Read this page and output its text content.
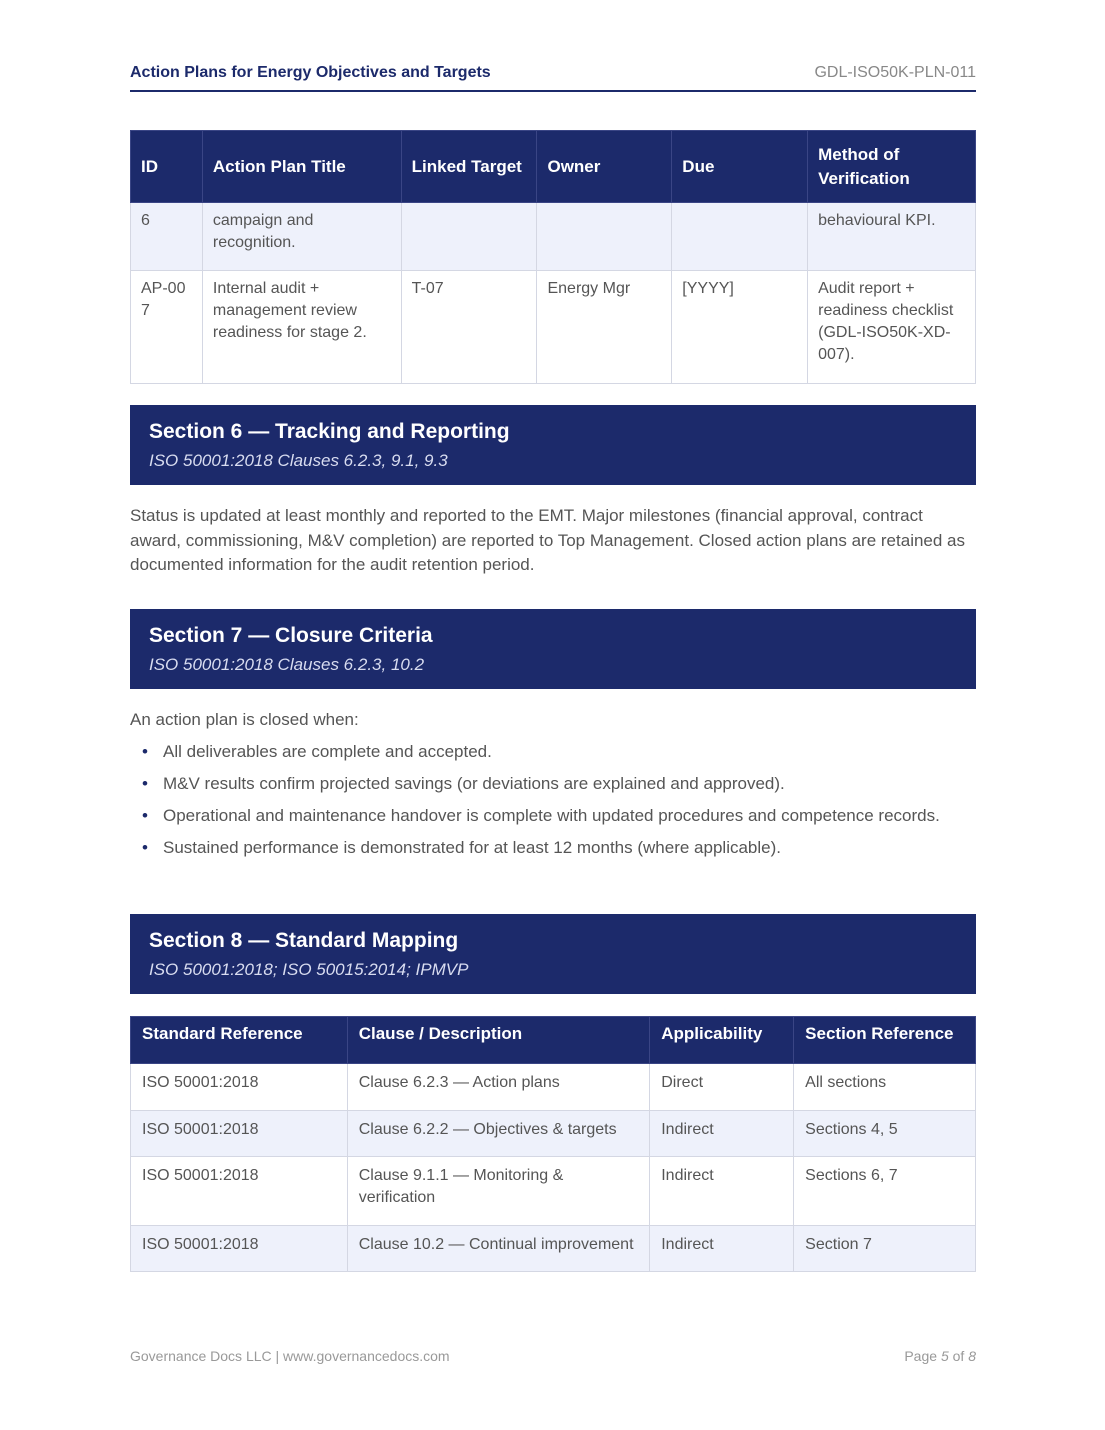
Action Plans for Energy Objectives and Targets	GDL-ISO50K-PLN-011
ID	Action Plan Title	Linked Target	Owner	Due	Method of Verification
6	campaign and recognition.				behavioural KPI.
AP-007	Internal audit + management review readiness for stage 2.	T-07	Energy Mgr	[YYYY]	Audit report + readiness checklist (GDL-ISO50K-XD-007).
Section 6 — Tracking and Reporting
ISO 50001:2018 Clauses 6.2.3, 9.1, 9.3

Status is updated at least monthly and reported to the EMT. Major milestones (financial approval, contract award, commissioning, M&V completion) are reported to Top Management. Closed action plans are retained as documented information for the audit retention period.

Section 7 — Closure Criteria
ISO 50001:2018 Clauses 6.2.3, 10.2

An action plan is closed when:

• All deliverables are complete and accepted.
• M&V results confirm projected savings (or deviations are explained and approved).
• Operational and maintenance handover is complete with updated procedures and competence records.
• Sustained performance is demonstrated for at least 12 months (where applicable).
Section 8 — Standard Mapping
ISO 50001:2018; ISO 50015:2014; IPMVP
Standard Reference	Clause / Description	Applicability	Section Reference
ISO 50001:2018	Clause 6.2.3 — Action plans	Direct	All sections
ISO 50001:2018	Clause 6.2.2 — Objectives & targets	Indirect	Sections 4, 5
ISO 50001:2018	Clause 9.1.1 — Monitoring & verification	Indirect	Sections 6, 7
ISO 50001:2018	Clause 10.2 — Continual improvement	Indirect	Section 7
Governance Docs LLC | www.governancedocs.com	Page 5 of 8
